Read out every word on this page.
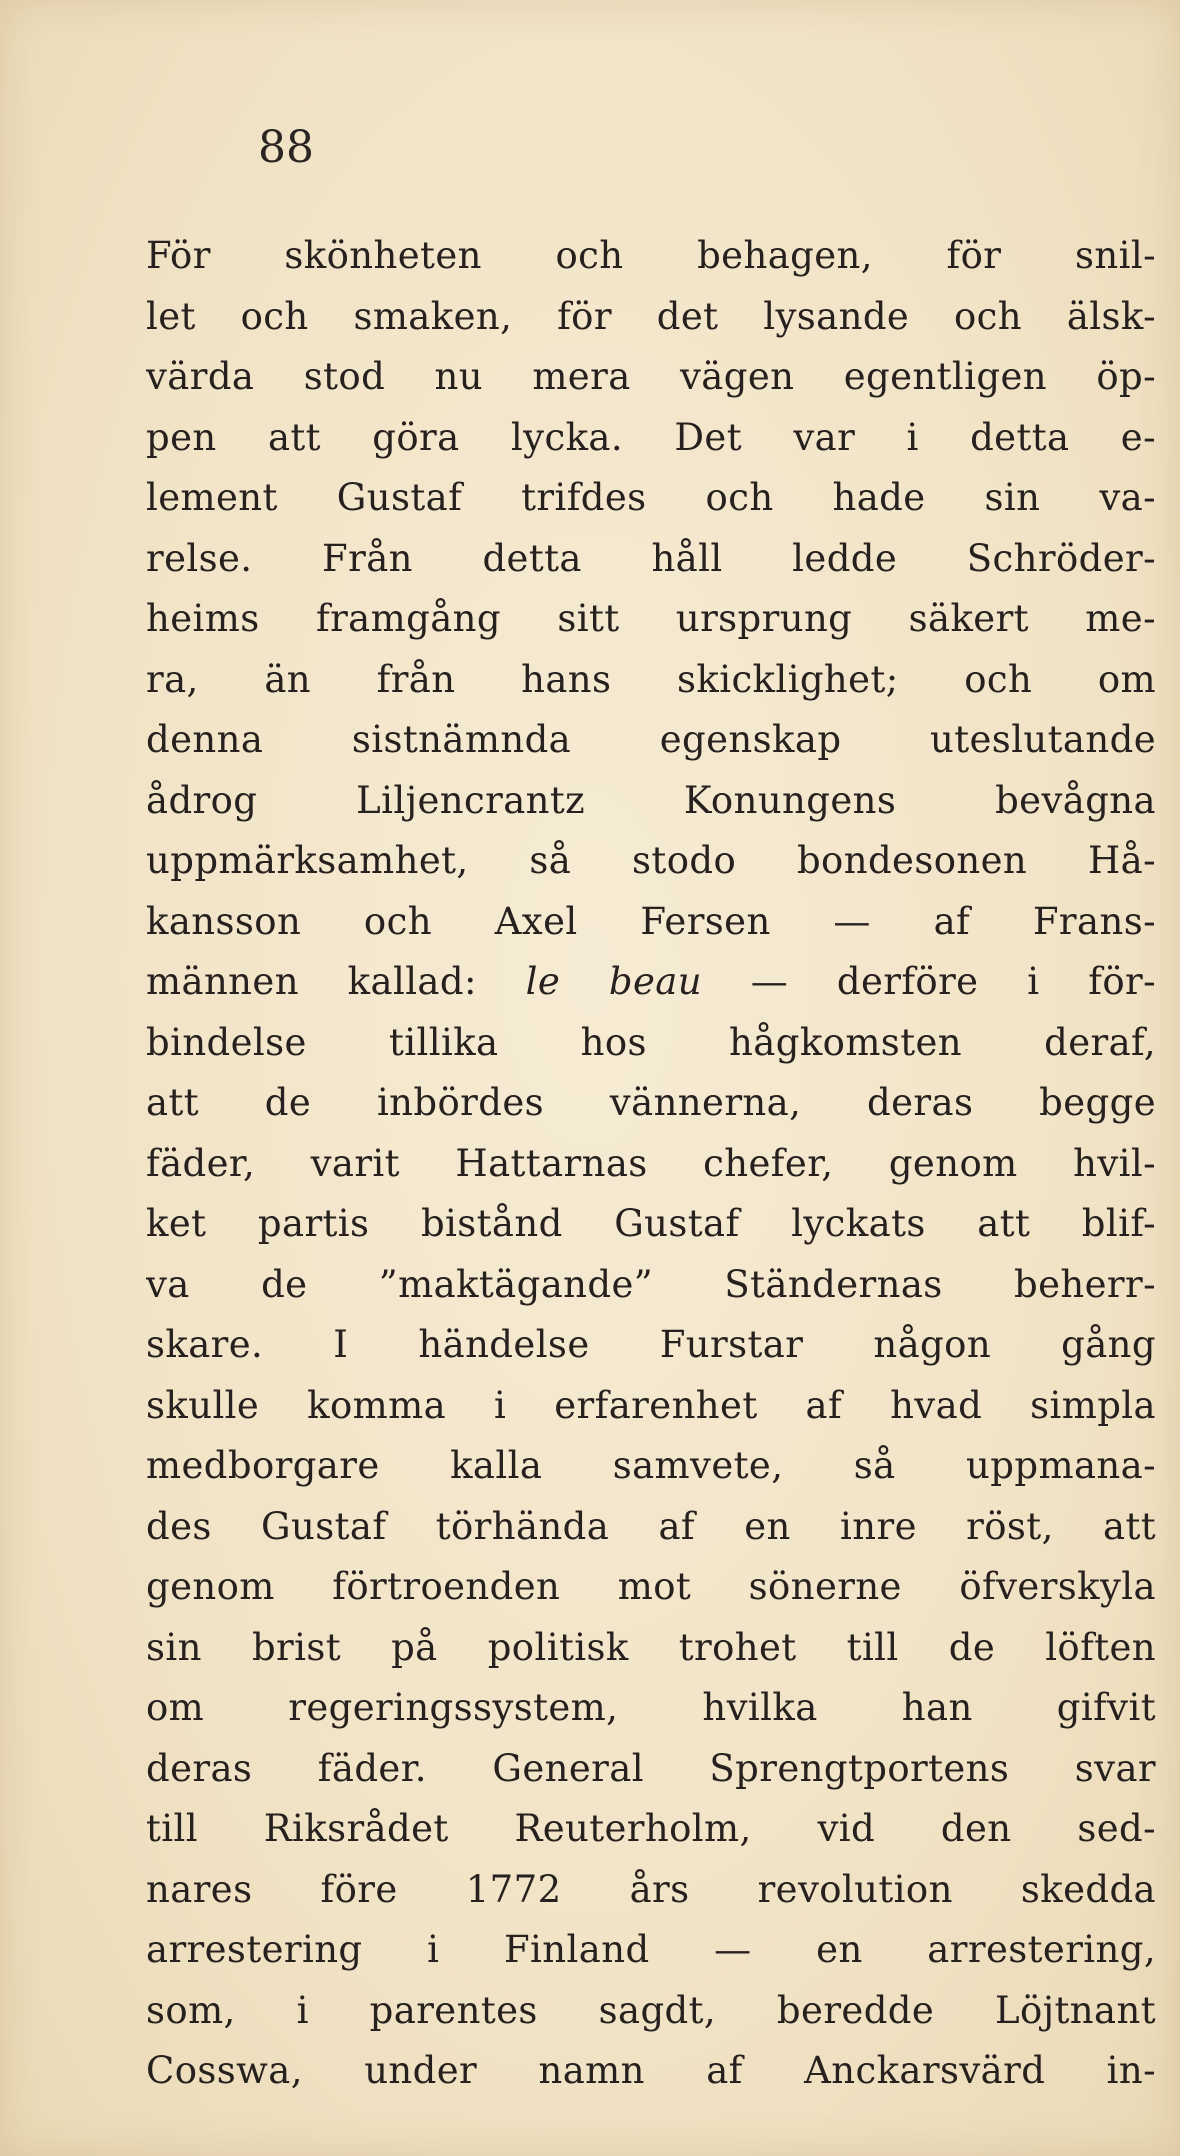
88

För skönheten och behagen, för snil-
let och smaken, för det lysande och älsk-
värda stod nu mera vägen egentligen öp-
pen att göra lycka. Det var i detta e-
lement Gustaf trifdes och hade sin va-
relse. Från detta håll ledde Schröder-
heims framgång sitt ursprung säkert me-
ra, än från hans skicklighet; och om
denna sistnämnda egenskap uteslutande
ådrog Liljencrantz Konungens bevågna
uppmärksamhet, så stodo bondesonen Hå-
kansson och Axel Fersen — af Frans-
männen kallad: le beau — derföre i för-
bindelse tillika hos hågkomsten deraf,
att de inbördes vännerna, deras begge
fäder, varit Hattarnas chefer, genom hvil-
ket partis bistånd Gustaf lyckats att blif-
va de ”maktägande” Ständernas beherr-
skare. I händelse Furstar någon gång
skulle komma i erfarenhet af hvad simpla
medborgare kalla samvete, så uppmana-
des Gustaf törhända af en inre röst, att
genom förtroenden mot sönerne öfverskyla
sin brist på politisk trohet till de löften
om regeringssystem, hvilka han gifvit
deras fäder. General Sprengtportens svar
till Riksrådet Reuterholm, vid den sed-
nares före 1772 års revolution skedda
arrestering i Finland — en arrestering,
som, i parentes sagdt, beredde Löjtnant
Cosswa, under namn af Anckarsvärd in-
